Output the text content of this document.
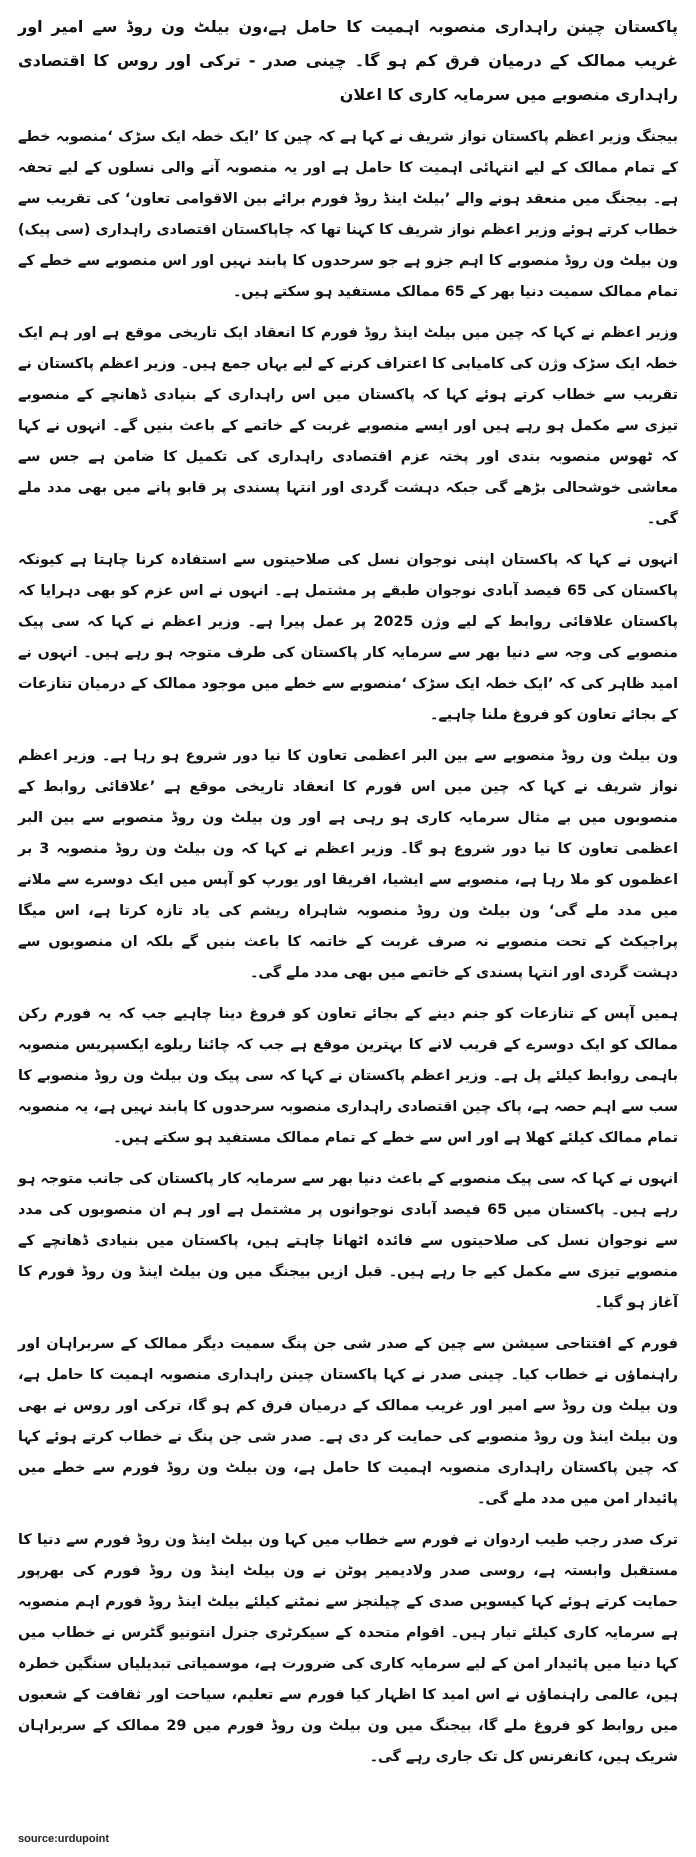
پاکستان چینن راہداری منصوبہ اہمیت کا حامل ہے،ون بیلٹ ون روڈ سے امیر اور غریب ممالک کے درمیان فرق کم ہو گا۔ چینی صدر - ترکی اور روس کا اقتصادی راہداری منصوبے میں سرمایہ کاری کا اعلان
بیجنگ وزیر اعظم پاکستان نواز شریف نے کہا ہے کہ چین کا ’ایک خطہ ایک سڑک ‘منصوبہ خطے کے تمام ممالک کے لیے انتہائی اہمیت کا حامل ہے اور یہ منصوبہ آنے والی نسلوں کے لیے تحفہ ہے۔ بیجنگ میں منعقد ہونے والے ’بیلٹ اینڈ روڈ فورم برائے بین الاقوامی تعاون‘ کی تقریب سے خطاب کرتے ہوئے وزیر اعظم نواز شریف کا کہنا تھا کہ چاپاکستان اقتصادی راہداری (سی پیک) ون بیلٹ ون روڈ منصوبے کا اہم جزو ہے جو سرحدوں کا پابند نہیں اور اس منصوبے سے خطے کے تمام ممالک سمیت دنیا بھر کے 65 ممالک مستفید ہو سکتے ہیں۔
وزیر اعظم نے کہا کہ چین میں بیلٹ اینڈ روڈ فورم کا انعقاد ایک تاریخی موقع ہے اور ہم ایک خطہ ایک سڑک وژن کی کامیابی کا اعتراف کرنے کے لیے یہاں جمع ہیں۔ وزیر اعظم پاکستان نے تقریب سے خطاب کرتے ہوئے کہا کہ پاکستان میں اس راہداری کے بنیادی ڈھانچے کے منصوبے تیزی سے مکمل ہو رہے ہیں اور ایسے منصوبے غربت کے خاتمے کے باعث بنیں گے۔ انہوں نے کہا کہ ٹھوس منصوبہ بندی اور پختہ عزم اقتصادی راہداری کی تکمیل کا ضامن ہے جس سے معاشی خوشحالی بڑھے گی جبکہ دہشت گردی اور انتہا پسندی پر قابو پانے میں بھی مدد ملے گی۔
انہوں نے کہا کہ پاکستان اپنی نوجوان نسل کی صلاحیتوں سے استفادہ کرنا چاہتا ہے کیونکہ پاکستان کی 65 فیصد آبادی نوجوان طبقے پر مشتمل ہے۔ انہوں نے اس عزم کو بھی دہرایا کہ پاکستان علاقائی روابط کے لیے وژن 2025 پر عمل پیرا ہے۔ وزیر اعظم نے کہا کہ سی پیک منصوبے کی وجہ سے دنیا بھر سے سرمایہ کار پاکستان کی طرف متوجہ ہو رہے ہیں۔ انہوں نے امید ظاہر کی کہ ’ایک خطہ ایک سڑک ‘منصوبے سے خطے میں موجود ممالک کے درمیان تنازعات کے بجائے تعاون کو فروغ ملنا چاہیے۔
ون بیلٹ ون روڈ منصوبے سے بین البر اعظمی تعاون کا نیا دور شروع ہو رہا ہے۔ وزیر اعظم نواز شریف نے کہا کہ چین میں اس فورم کا انعقاد تاریخی موقع ہے ’علاقائی روابط کے منصوبوں میں بے مثال سرمایہ کاری ہو رہی ہے اور ون بیلٹ ون روڈ منصوبے سے بین البر اعظمی تعاون کا نیا دور شروع ہو گا۔ وزیر اعظم نے کہا کہ ون بیلٹ ون روڈ منصوبہ 3 بر اعظموں کو ملا رہا ہے، منصوبے سے ایشیا، افریقا اور یورپ کو آپس میں ایک دوسرے سے ملانے میں مدد ملے گی‘ ون بیلٹ ون روڈ منصوبہ شاہراہ ریشم کی یاد تازہ کرتا ہے، اس میگا پراجیکٹ کے تحت منصوبے نہ صرف غربت کے خاتمہ کا باعث بنیں گے بلکہ ان منصوبوں سے دہشت گردی اور انتہا پسندی کے خاتمے میں بھی مدد ملے گی۔
ہمیں آپس کے تنازعات کو جنم دینے کے بجائے تعاون کو فروغ دینا چاہیے جب کہ یہ فورم رکن ممالک کو ایک دوسرے کے قریب لانے کا بہترین موقع ہے جب کہ چائنا ریلوے ایکسپریس منصوبہ باہمی روابط کیلئے پل ہے۔ وزیر اعظم پاکستان نے کہا کہ سی پیک ون بیلٹ ون روڈ منصوبے کا سب سے اہم حصہ ہے، پاک چین اقتصادی راہداری منصوبہ سرحدوں کا پابند نہیں ہے، یہ منصوبہ تمام ممالک کیلئے کھلا ہے اور اس سے خطے کے تمام ممالک مستفید ہو سکتے ہیں۔
انہوں نے کہا کہ سی پیک منصوبے کے باعث دنیا بھر سے سرمایہ کار پاکستان کی جانب متوجہ ہو رہے ہیں۔ پاکستان میں 65 فیصد آبادی نوجوانوں پر مشتمل ہے اور ہم ان منصوبوں کی مدد سے نوجوان نسل کی صلاحیتوں سے فائدہ اٹھانا چاہتے ہیں، پاکستان میں بنیادی ڈھانچے کے منصوبے تیزی سے مکمل کیے جا رہے ہیں۔ قبل ازیں بیجنگ میں ون بیلٹ اینڈ ون روڈ فورم کا آغاز ہو گیا۔
فورم کے افتتاحی سیشن سے چین کے صدر شی جن پنگ سمیت دیگر ممالک کے سربراہان اور راہنماؤں نے خطاب کیا۔ چینی صدر نے کہا پاکستان چینن راہداری منصوبہ اہمیت کا حامل ہے، ون بیلٹ ون روڈ سے امیر اور غریب ممالک کے درمیان فرق کم ہو گا، ترکی اور روس نے بھی ون بیلٹ اینڈ ون روڈ منصوبے کی حمایت کر دی ہے۔ صدر شی جن پنگ نے خطاب کرتے ہوئے کہا کہ چین پاکستان راہداری منصوبہ اہمیت کا حامل ہے، ون بیلٹ ون روڈ فورم سے خطے میں پائیدار امن میں مدد ملے گی۔
ترک صدر رجب طیب اردوان نے فورم سے خطاب میں کہا ون بیلٹ اینڈ ون روڈ فورم سے دنیا کا مستقبل وابستہ ہے، روسی صدر ولادیمیر پوٹن نے ون بیلٹ اینڈ ون روڈ فورم کی بھرپور حمایت کرتے ہوئے کہا کیسویں صدی کے چیلنجز سے نمٹنے کیلئے بیلٹ اینڈ روڈ فورم اہم منصوبہ ہے سرمایہ کاری کیلئے تیار ہیں۔ اقوام متحدہ کے سیکرٹری جنرل انتونیو گٹرس نے خطاب میں کہا دنیا میں پائیدار امن کے لیے سرمایہ کاری کی ضرورت ہے، موسمیاتی تبدیلیاں سنگین خطرہ ہیں، عالمی راہنماؤں نے اس امید کا اظہار کیا فورم سے تعلیم، سیاحت اور ثقافت کے شعبوں میں روابط کو فروغ ملے گا، بیجنگ میں ون بیلٹ ون روڈ فورم میں 29 ممالک کے سربراہان شریک ہیں، کانفرنس کل تک جاری رہے گی۔
source:urdupoint
